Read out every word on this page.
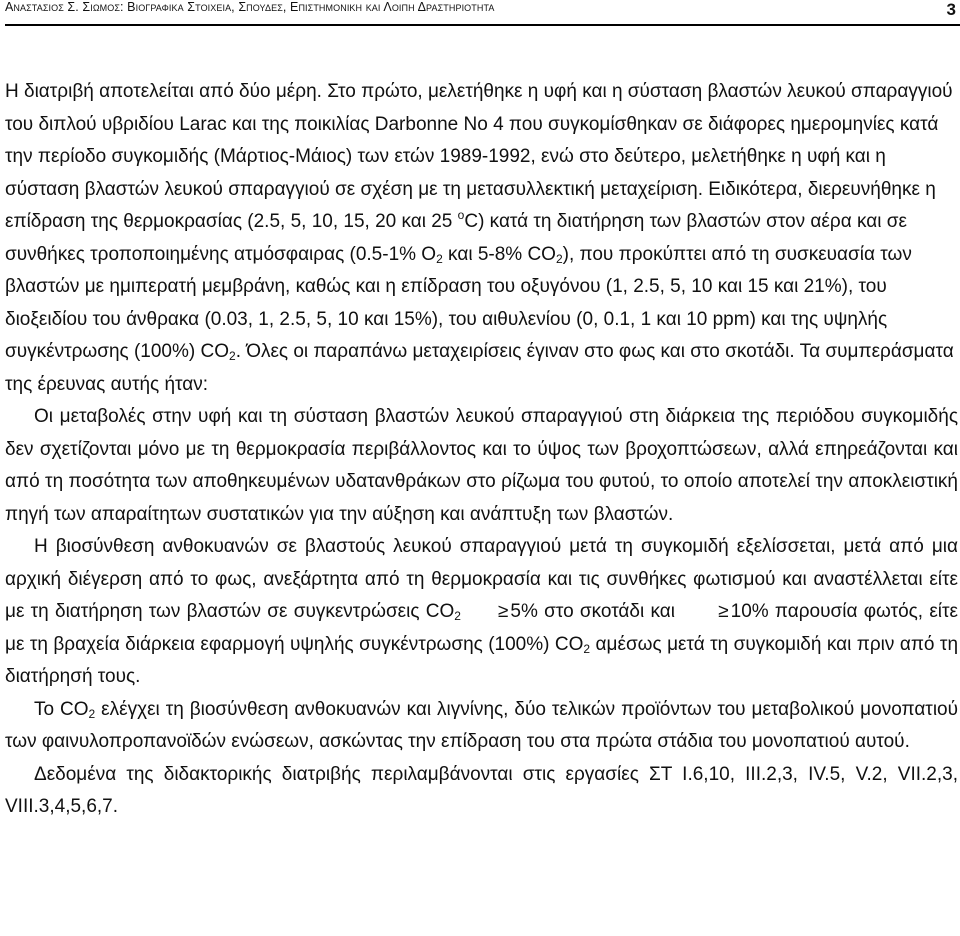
Αναστασιος Σ. Σιωμος: Βιογραφικα Στοιχεια, Σπουδες, Επιστημονικη και Λοιπη Δραστηριοτητα	3

Η διατριβή αποτελείται από δύο μέρη. Στο πρώτο, μελετήθηκε η υφή και η σύσταση βλαστών λευκού σπαραγγιού του διπλού υβριδίου Larac και της ποικιλίας Darbonne No 4 που συγκομίσθηκαν σε διάφορες ημερομηνίες κατά την περίοδο συγκομιδής (Μάρτιος-Μάιος) των ετών 1989-1992, ενώ στο δεύτερο, μελετήθηκε η υφή και η σύσταση βλαστών λευκού σπαραγγιού σε σχέση με τη μετασυλλεκτική μεταχείριση. Ειδικότερα, διερευνήθηκε η επίδραση της θερμοκρασίας (2.5, 5, 10, 15, 20 και 25 $^o$C) κατά τη διατήρηση των βλαστών στον αέρα και σε συνθήκες τροποποιημένης ατμόσφαιρας (0.5-1% $O_2$ και 5-8% $CO_2$), που προκύπτει από τη συσκευασία των βλαστών με ημιπερατή μεμβράνη, καθώς και η επίδραση του οξυγόνου (1, 2.5, 5, 10 και 15 και 21%), του διοξειδίου του άνθρακα (0.03, 1, 2.5, 5, 10 και 15%), του αιθυλενίου (0, 0.1, 1 και 10 ppm) και της υψηλής συγκέντρωσης (100%) $CO_2$. Όλες οι παραπάνω μεταχειρίσεις έγιναν στο φως και στο σκοτάδι. Τα συμπεράσματα της έρευνας αυτής ήταν:

Οι μεταβολές στην υφή και τη σύσταση βλαστών λευκού σπαραγγιού στη διάρκεια της περιόδου συγκομιδής δεν σχετίζονται μόνο με τη θερμοκρασία περιβάλλοντος και το ύψος των βροχοπτώσεων, αλλά επηρεάζονται και από τη ποσότητα των αποθηκευμένων υδατανθράκων στο ρίζωμα του φυτού, το οποίο αποτελεί την αποκλειστική πηγή των απαραίτητων συστατικών για την αύξηση και ανάπτυξη των βλαστών.

Η βιοσύνθεση ανθοκυανών σε βλαστούς λευκού σπαραγγιού μετά τη συγκομιδή εξελίσσεται, μετά από μια αρχική διέγερση από το φως, ανεξάρτητα από τη θερμοκρασία και τις συνθήκες φωτισμού και αναστέλλεται είτε με τη διατήρηση των βλαστών σε συγκεντρώσεις $CO_2 \ge 5\%$ στο σκοτάδι και ≥ 10% παρουσία φωτός, είτε με τη βραχεία διάρκεια εφαρμογή υψηλής συγκέντρωσης (100%) $CO_2$ αμέσως μετά τη συγκομιδή και πριν από τη διατήρησή τους.

Το $CO_2$ ελέγχει τη βιοσύνθεση ανθοκυανών και λιγνίνης, δύο τελικών προϊόντων του μεταβολικού μονοπατιού των φαινυλοπροπανοϊδών ενώσεων, ασκώντας την επίδραση του στα πρώτα στάδια του μονοπατιού αυτού.

Δεδομένα της διδακτορικής διατριβής περιλαμβάνονται στις εργασίες ΣΤ Ι.6,10, ΙΙΙ.2,3, ΙV.5, V.2, VII.2,3, VIII.3,4,5,6,7.
